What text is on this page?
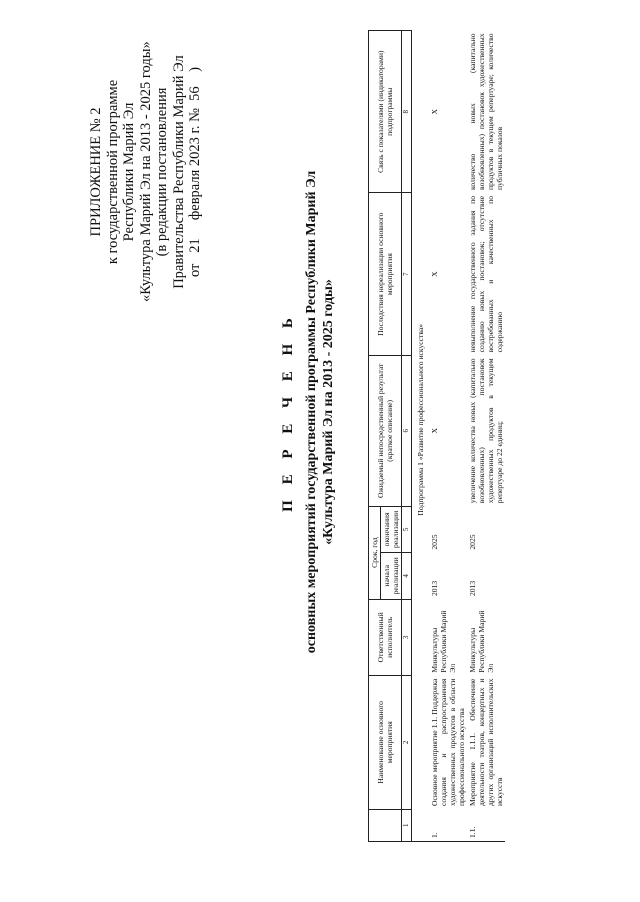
ПРИЛОЖЕНИЕ № 2 к государственной программе Республики Марий Эл «Культура Марий Эл на 2013 - 2025 годы» (в редакции постановления Правительства Республики Марий Эл от   21     февраля 2023 г. №  56    )
П Е Р Е Ч Е Н Ь основных мероприятий государственной программы Республики Марий Эл «Культура Марий Эл на 2013 - 2025 годы»
	Наименование основного мероприятия	Ответственный исполнитель	Срок, год		Ожидаемый непосредственный результат (краткое описание)	Последствия нереализации основного мероприятия	Связь с показателями (индикаторами) подпрограммы
			начала реализации	окончания реализации			
1	2	3	4	5	6	7	8
	Подпрограмма 1 «Развитие профессионального искусства»						
1.	Основное мероприятие 1.1. Поддержка создания и распространения художественных продуктов в области профессионального искусства	Минкультуры Республики Марий Эл	2013	2025	X	X	X
1.1.	Мероприятие 1.1.1. Обеспечение деятельности театров, концертных и других организаций исполнительских искусств	Минкультуры Республики Марий Эл	2013	2025	увеличение количества новых (капитально возобновленных) постановок художественных продуктов в текущем репертуаре до 22 единиц;	невыполнение государственного задания по созданию новых постановок; отсутствие востребованных и качественных по содержанию	количество новых (капитально возобновленных) постановок художественных продуктов в текущем репертуаре; количество публичных показов
